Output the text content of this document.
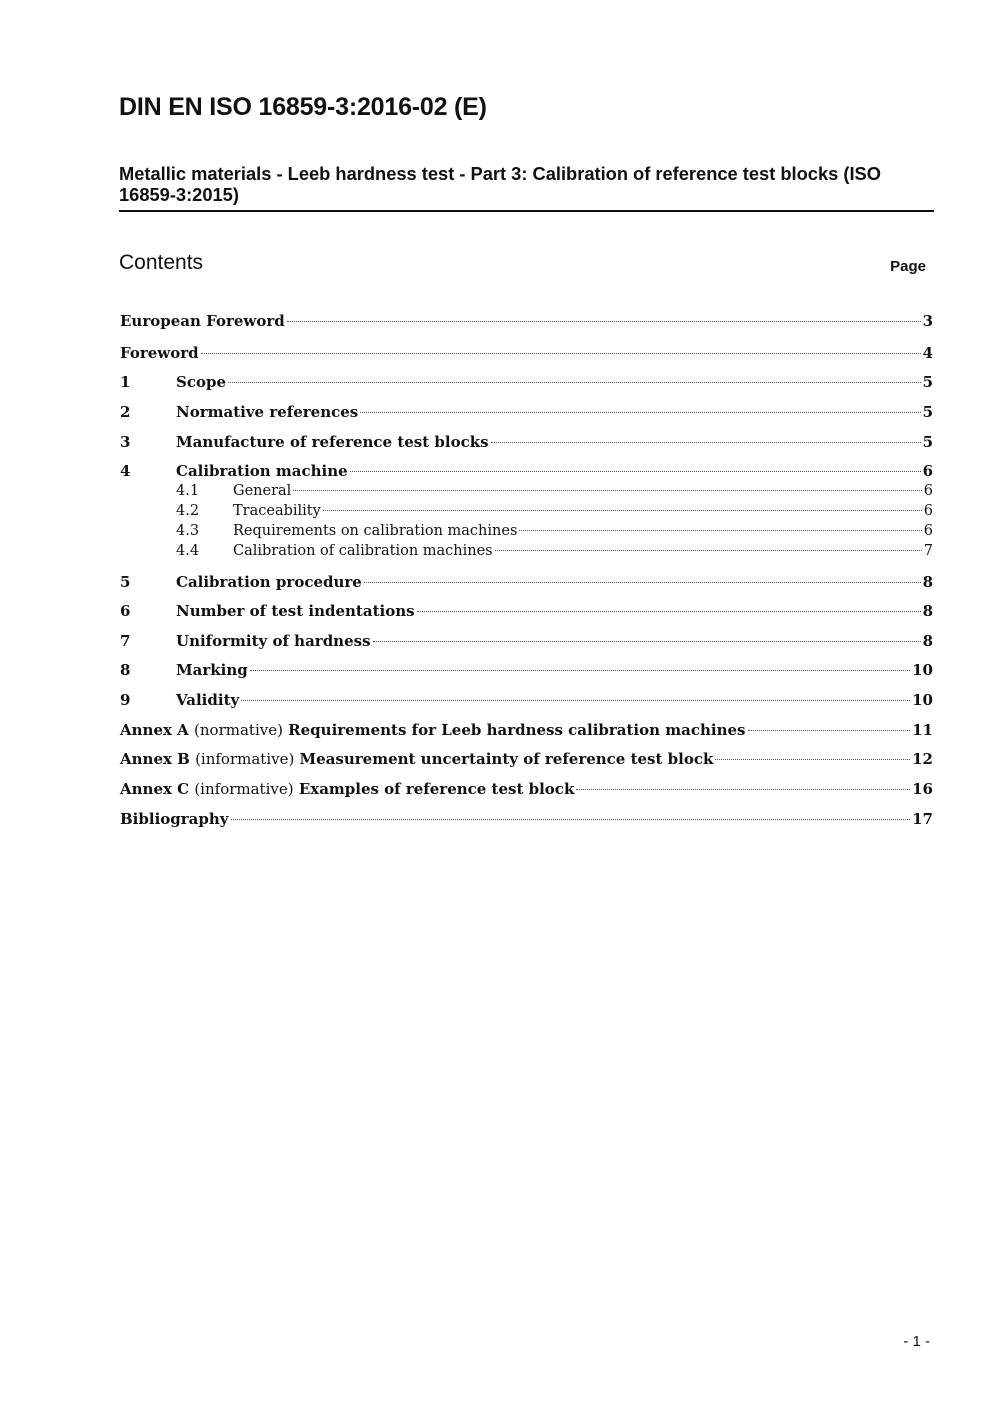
DIN EN ISO 16859-3:2016-02 (E)
Metallic materials - Leeb hardness test - Part 3: Calibration of reference test blocks (ISO 16859-3:2015)
Contents	Page
European Foreword	3
Foreword	4
1	Scope	5
2	Normative references	5
3	Manufacture of reference test blocks	5
4	Calibration machine	6
4.1	General	6
4.2	Traceability	6
4.3	Requirements on calibration machines	6
4.4	Calibration of calibration machines	7
5	Calibration procedure	8
6	Number of test indentations	8
7	Uniformity of hardness	8
8	Marking	10
9	Validity	10
Annex A (normative) Requirements for Leeb hardness calibration machines	11
Annex B (informative) Measurement uncertainty of reference test block	12
Annex C (informative) Examples of reference test block	16
Bibliography	17
- 1 -
